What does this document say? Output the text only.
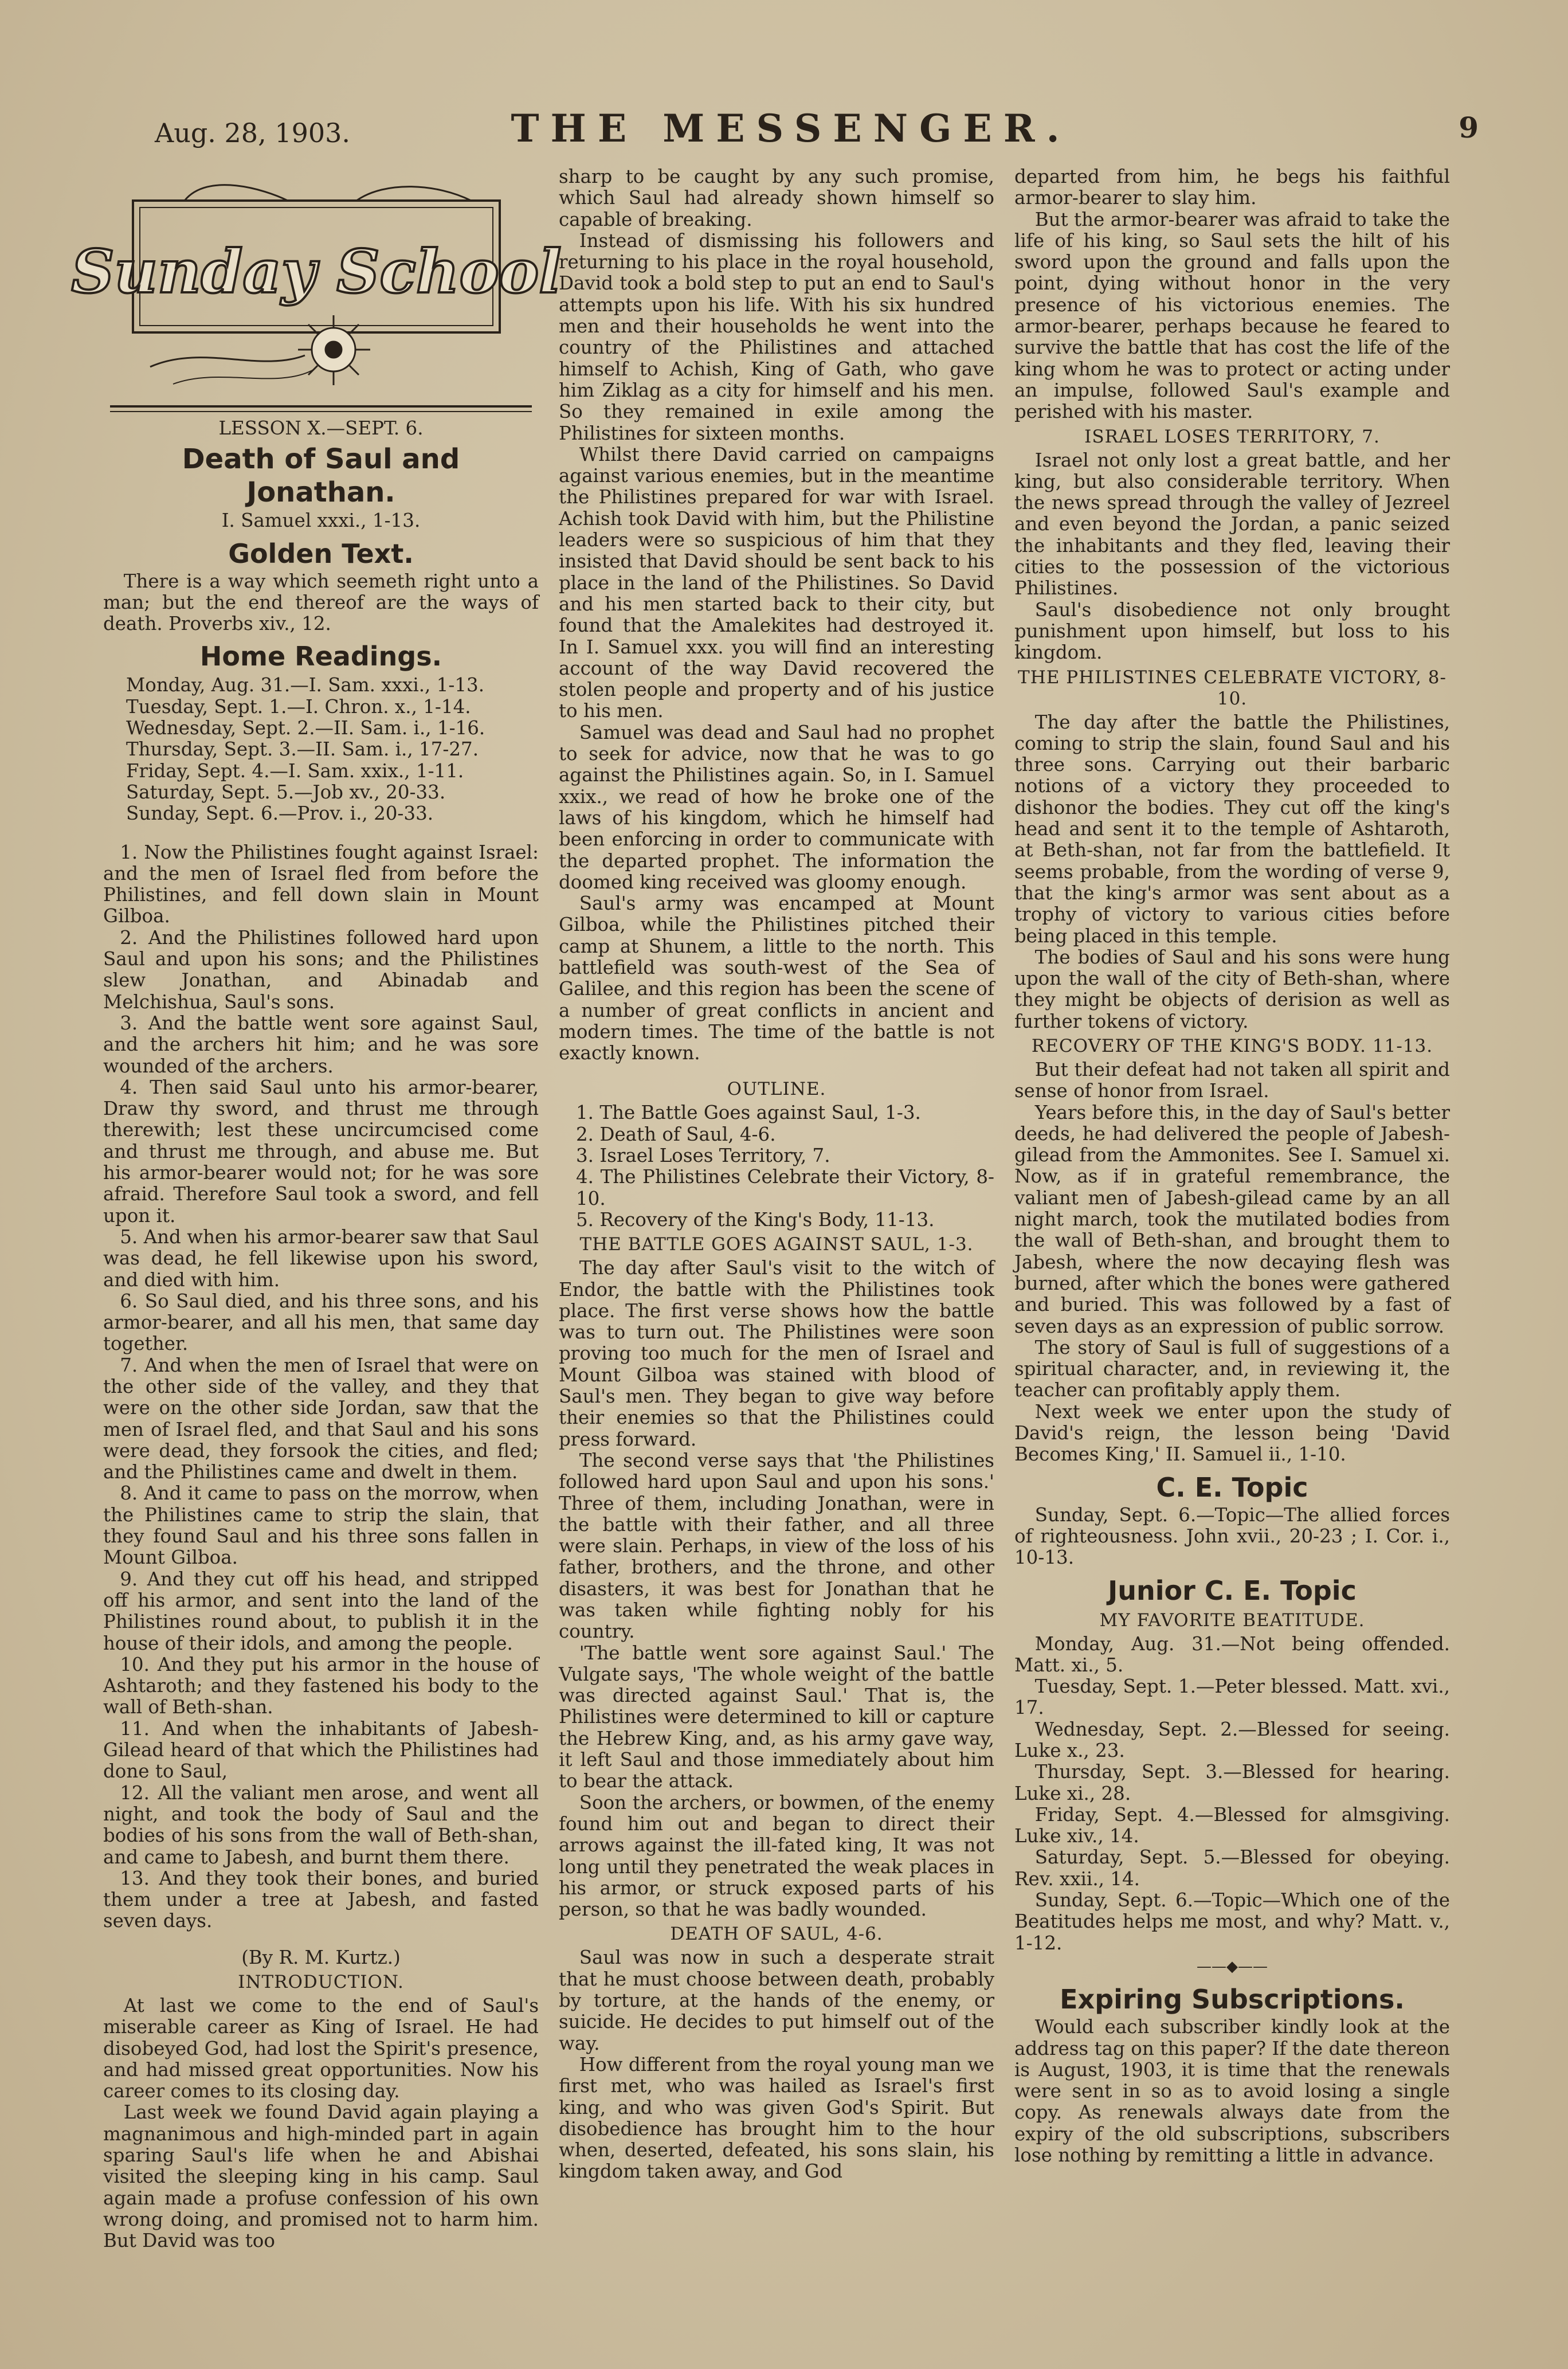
Aug. 28, 1903.	THE MESSENGER.	9
Sunday School
LESSON X.—SEPT. 6.
Death of Saul and Jonathan.
I. Samuel xxxi., 1-13.
Golden Text.

There is a way which seemeth right unto a man; but the end thereof are the ways of death. Proverbs xiv., 12.

Home Readings.
Monday, Aug. 31.—I. Sam. xxxi., 1-13.
Tuesday, Sept. 1.—I. Chron. x., 1-14.
Wednesday, Sept. 2.—II. Sam. i., 1-16.
Thursday, Sept. 3.—II. Sam. i., 17-27.
Friday, Sept. 4.—I. Sam. xxix., 1-11.
Saturday, Sept. 5.—Job xv., 20-33.
Sunday, Sept. 6.—Prov. i., 20-33.

1. Now the Philistines fought against Israel: and the men of Israel fled from before the Philistines, and fell down slain in Mount Gilboa.

2. And the Philistines followed hard upon Saul and upon his sons; and the Philistines slew Jonathan, and Abinadab and Melchishua, Saul's sons.

3. And the battle went sore against Saul, and the archers hit him; and he was sore wounded of the archers.

4. Then said Saul unto his armor-bearer, Draw thy sword, and thrust me through therewith; lest these uncircumcised come and thrust me through, and abuse me. But his armor-bearer would not; for he was sore afraid. Therefore Saul took a sword, and fell upon it.

5. And when his armor-bearer saw that Saul was dead, he fell likewise upon his sword, and died with him.

6. So Saul died, and his three sons, and his armor-bearer, and all his men, that same day together.

7. And when the men of Israel that were on the other side of the valley, and they that were on the other side Jordan, saw that the men of Israel fled, and that Saul and his sons were dead, they forsook the cities, and fled; and the Philistines came and dwelt in them.

8. And it came to pass on the morrow, when the Philistines came to strip the slain, that they found Saul and his three sons fallen in Mount Gilboa.

9. And they cut off his head, and stripped off his armor, and sent into the land of the Philistines round about, to publish it in the house of their idols, and among the people.

10. And they put his armor in the house of Ashtaroth; and they fastened his body to the wall of Beth-shan.

11. And when the inhabitants of Jabesh-Gilead heard of that which the Philistines had done to Saul,

12. All the valiant men arose, and went all night, and took the body of Saul and the bodies of his sons from the wall of Beth-shan, and came to Jabesh, and burnt them there.

13. And they took their bones, and buried them under a tree at Jabesh, and fasted seven days.

(By R. M. Kurtz.)
INTRODUCTION.

At last we come to the end of Saul's miserable career as King of Israel. He had disobeyed God, had lost the Spirit's presence, and had missed great opportunities. Now his career comes to its closing day.

Last week we found David again playing a magnanimous and high-minded part in again sparing Saul's life when he and Abishai visited the sleeping king in his camp. Saul again made a profuse confession of his own wrong doing, and promised not to harm him. But David was too

sharp to be caught by any such promise, which Saul had already shown himself so capable of breaking.

Instead of dismissing his followers and returning to his place in the royal household, David took a bold step to put an end to Saul's attempts upon his life. With his six hundred men and their households he went into the country of the Philistines and attached himself to Achish, King of Gath, who gave him Ziklag as a city for himself and his men. So they remained in exile among the Philistines for sixteen months.

Whilst there David carried on campaigns against various enemies, but in the meantime the Philistines prepared for war with Israel. Achish took David with him, but the Philistine leaders were so suspicious of him that they insisted that David should be sent back to his place in the land of the Philistines. So David and his men started back to their city, but found that the Amalekites had destroyed it. In I. Samuel xxx. you will find an interesting account of the way David recovered the stolen people and property and of his justice to his men.

Samuel was dead and Saul had no prophet to seek for advice, now that he was to go against the Philistines again. So, in I. Samuel xxix., we read of how he broke one of the laws of his kingdom, which he himself had been enforcing in order to communicate with the departed prophet. The information the doomed king received was gloomy enough.

Saul's army was encamped at Mount Gilboa, while the Philistines pitched their camp at Shunem, a little to the north. This battlefield was south-west of the Sea of Galilee, and this region has been the scene of a number of great conflicts in ancient and modern times. The time of the battle is not exactly known.

OUTLINE.
1. The Battle Goes against Saul, 1-3.
2. Death of Saul, 4-6.
3. Israel Loses Territory, 7.
4. The Philistines Celebrate their Victory, 8-10.
5. Recovery of the King's Body, 11-13.
THE BATTLE GOES AGAINST SAUL, 1-3.

The day after Saul's visit to the witch of Endor, the battle with the Philistines took place. The first verse shows how the battle was to turn out. The Philistines were soon proving too much for the men of Israel and Mount Gilboa was stained with blood of Saul's men. They began to give way before their enemies so that the Philistines could press forward.

The second verse says that 'the Philistines followed hard upon Saul and upon his sons.' Three of them, including Jonathan, were in the battle with their father, and all three were slain. Perhaps, in view of the loss of his father, brothers, and the throne, and other disasters, it was best for Jonathan that he was taken while fighting nobly for his country.

'The battle went sore against Saul.' The Vulgate says, 'The whole weight of the battle was directed against Saul.' That is, the Philistines were determined to kill or capture the Hebrew King, and, as his army gave way, it left Saul and those immediately about him to bear the attack.

Soon the archers, or bowmen, of the enemy found him out and began to direct their arrows against the ill-fated king, It was not long until they penetrated the weak places in his armor, or struck exposed parts of his person, so that he was badly wounded.

DEATH OF SAUL, 4-6.

Saul was now in such a desperate strait that he must choose between death, probably by torture, at the hands of the enemy, or suicide. He decides to put himself out of the way.

How different from the royal young man we first met, who was hailed as Israel's first king, and who was given God's Spirit. But disobedience has brought him to the hour when, deserted, defeated, his sons slain, his kingdom taken away, and God

departed from him, he begs his faithful armor-bearer to slay him.

But the armor-bearer was afraid to take the life of his king, so Saul sets the hilt of his sword upon the ground and falls upon the point, dying without honor in the very presence of his victorious enemies. The armor-bearer, perhaps because he feared to survive the battle that has cost the life of the king whom he was to protect or acting under an impulse, followed Saul's example and perished with his master.

ISRAEL LOSES TERRITORY, 7.

Israel not only lost a great battle, and her king, but also considerable territory. When the news spread through the valley of Jezreel and even beyond the Jordan, a panic seized the inhabitants and they fled, leaving their cities to the possession of the victorious Philistines.

Saul's disobedience not only brought punishment upon himself, but loss to his kingdom.

THE PHILISTINES CELEBRATE VICTORY, 8-10.

The day after the battle the Philistines, coming to strip the slain, found Saul and his three sons. Carrying out their barbaric notions of a victory they proceeded to dishonor the bodies. They cut off the king's head and sent it to the temple of Ashtaroth, at Beth-shan, not far from the battlefield. It seems probable, from the wording of verse 9, that the king's armor was sent about as a trophy of victory to various cities before being placed in this temple.

The bodies of Saul and his sons were hung upon the wall of the city of Beth-shan, where they might be objects of derision as well as further tokens of victory.

RECOVERY OF THE KING'S BODY. 11-13.

But their defeat had not taken all spirit and sense of honor from Israel.

Years before this, in the day of Saul's better deeds, he had delivered the people of Jabesh-gilead from the Ammonites. See I. Samuel xi. Now, as if in grateful remembrance, the valiant men of Jabesh-gilead came by an all night march, took the mutilated bodies from the wall of Beth-shan, and brought them to Jabesh, where the now decaying flesh was burned, after which the bones were gathered and buried. This was followed by a fast of seven days as an expression of public sorrow.

The story of Saul is full of suggestions of a spiritual character, and, in reviewing it, the teacher can profitably apply them.

Next week we enter upon the study of David's reign, the lesson being 'David Becomes King,' II. Samuel ii., 1-10.

C. E. Topic

Sunday, Sept. 6.—Topic—The allied forces of righteousness. John xvii., 20-23 ; I. Cor. i., 10-13.

Junior C. E. Topic
MY FAVORITE BEATITUDE.

Monday, Aug. 31.—Not being offended. Matt. xi., 5.

Tuesday, Sept. 1.—Peter blessed. Matt. xvi., 17.

Wednesday, Sept. 2.—Blessed for seeing. Luke x., 23.

Thursday, Sept. 3.—Blessed for hearing. Luke xi., 28.

Friday, Sept. 4.—Blessed for almsgiving. Luke xiv., 14.

Saturday, Sept. 5.—Blessed for obeying. Rev. xxii., 14.

Sunday, Sept. 6.—Topic—Which one of the Beatitudes helps me most, and why? Matt. v., 1-12.

——◆——
Expiring Subscriptions.

Would each subscriber kindly look at the address tag on this paper? If the date thereon is August, 1903, it is time that the renewals were sent in so as to avoid losing a single copy. As renewals always date from the expiry of the old subscriptions, subscribers lose nothing by remitting a little in advance.
